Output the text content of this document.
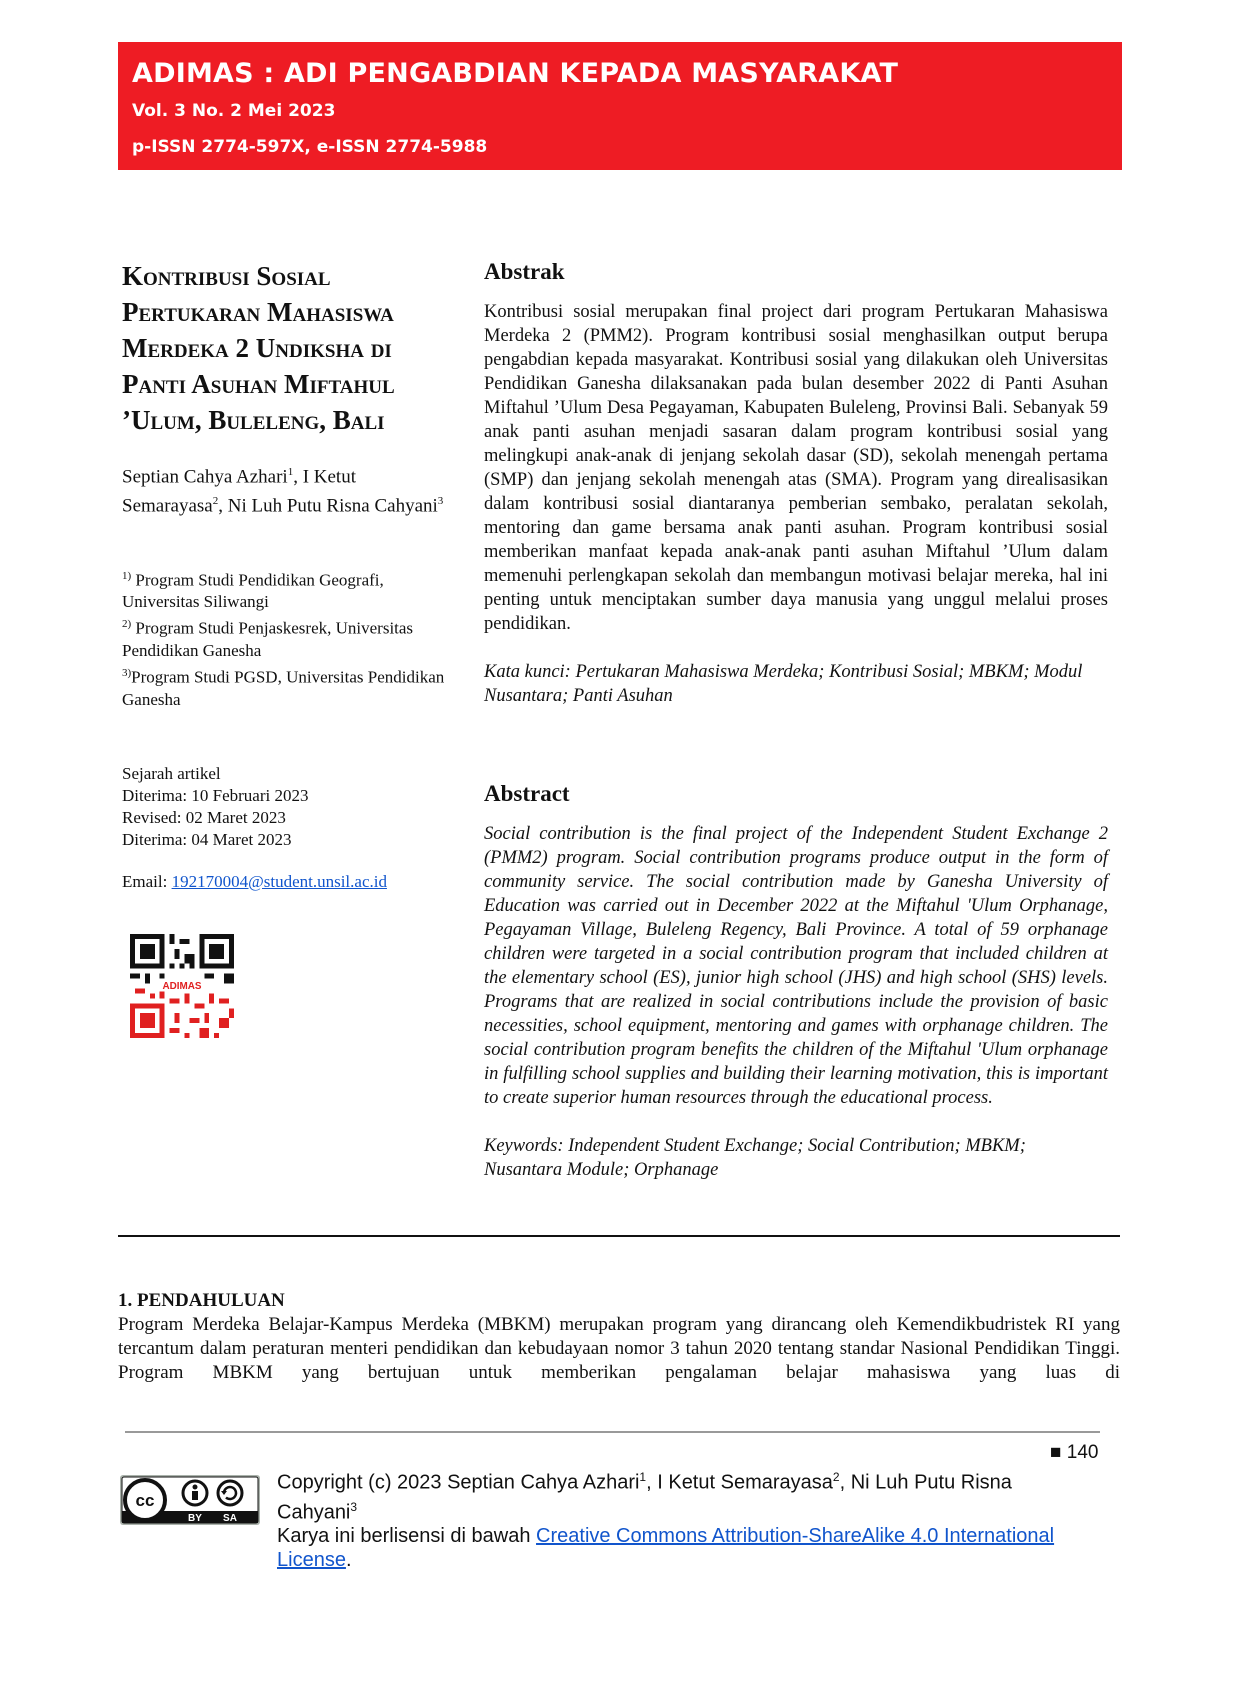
ADIMAS : ADI PENGABDIAN KEPADA MASYARAKAT
Vol. 3 No. 2 Mei 2023
p-ISSN 2774-597X, e-ISSN 2774-5988
Kontribusi Sosial Pertukaran Mahasiswa Merdeka 2 Undiksha di Panti Asuhan Miftahul ’Ulum, Buleleng, Bali
Septian Cahya Azhari$^1$, I Ketut Semarayasa$^2$, Ni Luh Putu Risna Cahyani$^3$
$^{1)}$ Program Studi Pendidikan Geografi, Universitas Siliwangi
$^{2)}$ Program Studi Penjaskesrek, Universitas Pendidikan Ganesha
$^{3)}$Program Studi PGSD, Universitas Pendidikan Ganesha
Sejarah artikel
Diterima: 10 Februari 2023
Revised: 02 Maret 2023
Diterima: 04 Maret 2023
Email: 192170004@student.unsil.ac.id
ADIMAS
Abstrak

Kontribusi sosial merupakan final project dari program Pertukaran Mahasiswa Merdeka 2 (PMM2). Program kontribusi sosial menghasilkan output berupa pengabdian kepada masyarakat. Kontribusi sosial yang dilakukan oleh Universitas Pendidikan Ganesha dilaksanakan pada bulan desember 2022 di Panti Asuhan Miftahul ’Ulum Desa Pegayaman, Kabupaten Buleleng, Provinsi Bali. Sebanyak 59 anak panti asuhan menjadi sasaran dalam program kontribusi sosial yang melingkupi anak-anak di jenjang sekolah dasar (SD), sekolah menengah pertama (SMP) dan jenjang sekolah menengah atas (SMA). Program yang direalisasikan dalam kontribusi sosial diantaranya pemberian sembako, peralatan sekolah, mentoring dan game bersama anak panti asuhan. Program kontribusi sosial memberikan manfaat kepada anak-anak panti asuhan Miftahul ’Ulum dalam memenuhi perlengkapan sekolah dan membangun motivasi belajar mereka, hal ini penting untuk menciptakan sumber daya manusia yang unggul melalui proses pendidikan.

Kata kunci: Pertukaran Mahasiswa Merdeka; Kontribusi Sosial; MBKM; Modul Nusantara; Panti Asuhan

Abstract

Social contribution is the final project of the Independent Student Exchange 2 (PMM2) program. Social contribution programs produce output in the form of community service. The social contribution made by Ganesha University of Education was carried out in December 2022 at the Miftahul 'Ulum Orphanage, Pegayaman Village, Buleleng Regency, Bali Province. A total of 59 orphanage children were targeted in a social contribution program that included children at the elementary school (ES), junior high school (JHS) and high school (SHS) levels. Programs that are realized in social contributions include the provision of basic necessities, school equipment, mentoring and games with orphanage children. The social contribution program benefits the children of the Miftahul 'Ulum orphanage in fulfilling school supplies and building their learning motivation, this is important to create superior human resources through the educational process.

Keywords: Independent Student Exchange; Social Contribution; MBKM; Nusantara Module; Orphanage

1. PENDAHULUAN

Program Merdeka Belajar-Kampus Merdeka (MBKM) merupakan program yang dirancang oleh Kemendikbudristek RI yang tercantum dalam peraturan menteri pendidikan dan kebudayaan nomor 3 tahun 2020 tentang standar Nasional Pendidikan Tinggi. Program MBKM yang bertujuan untuk memberikan pengalaman belajar mahasiswa yang luas di

■ 140
cc
BY SA
Copyright (c) 2023 Septian Cahya Azhari$^1$, I Ketut Semarayasa$^2$, Ni Luh Putu Risna Cahyani$^3$
Karya ini berlisensi di bawah Creative Commons Attribution-ShareAlike 4.0 International License.
